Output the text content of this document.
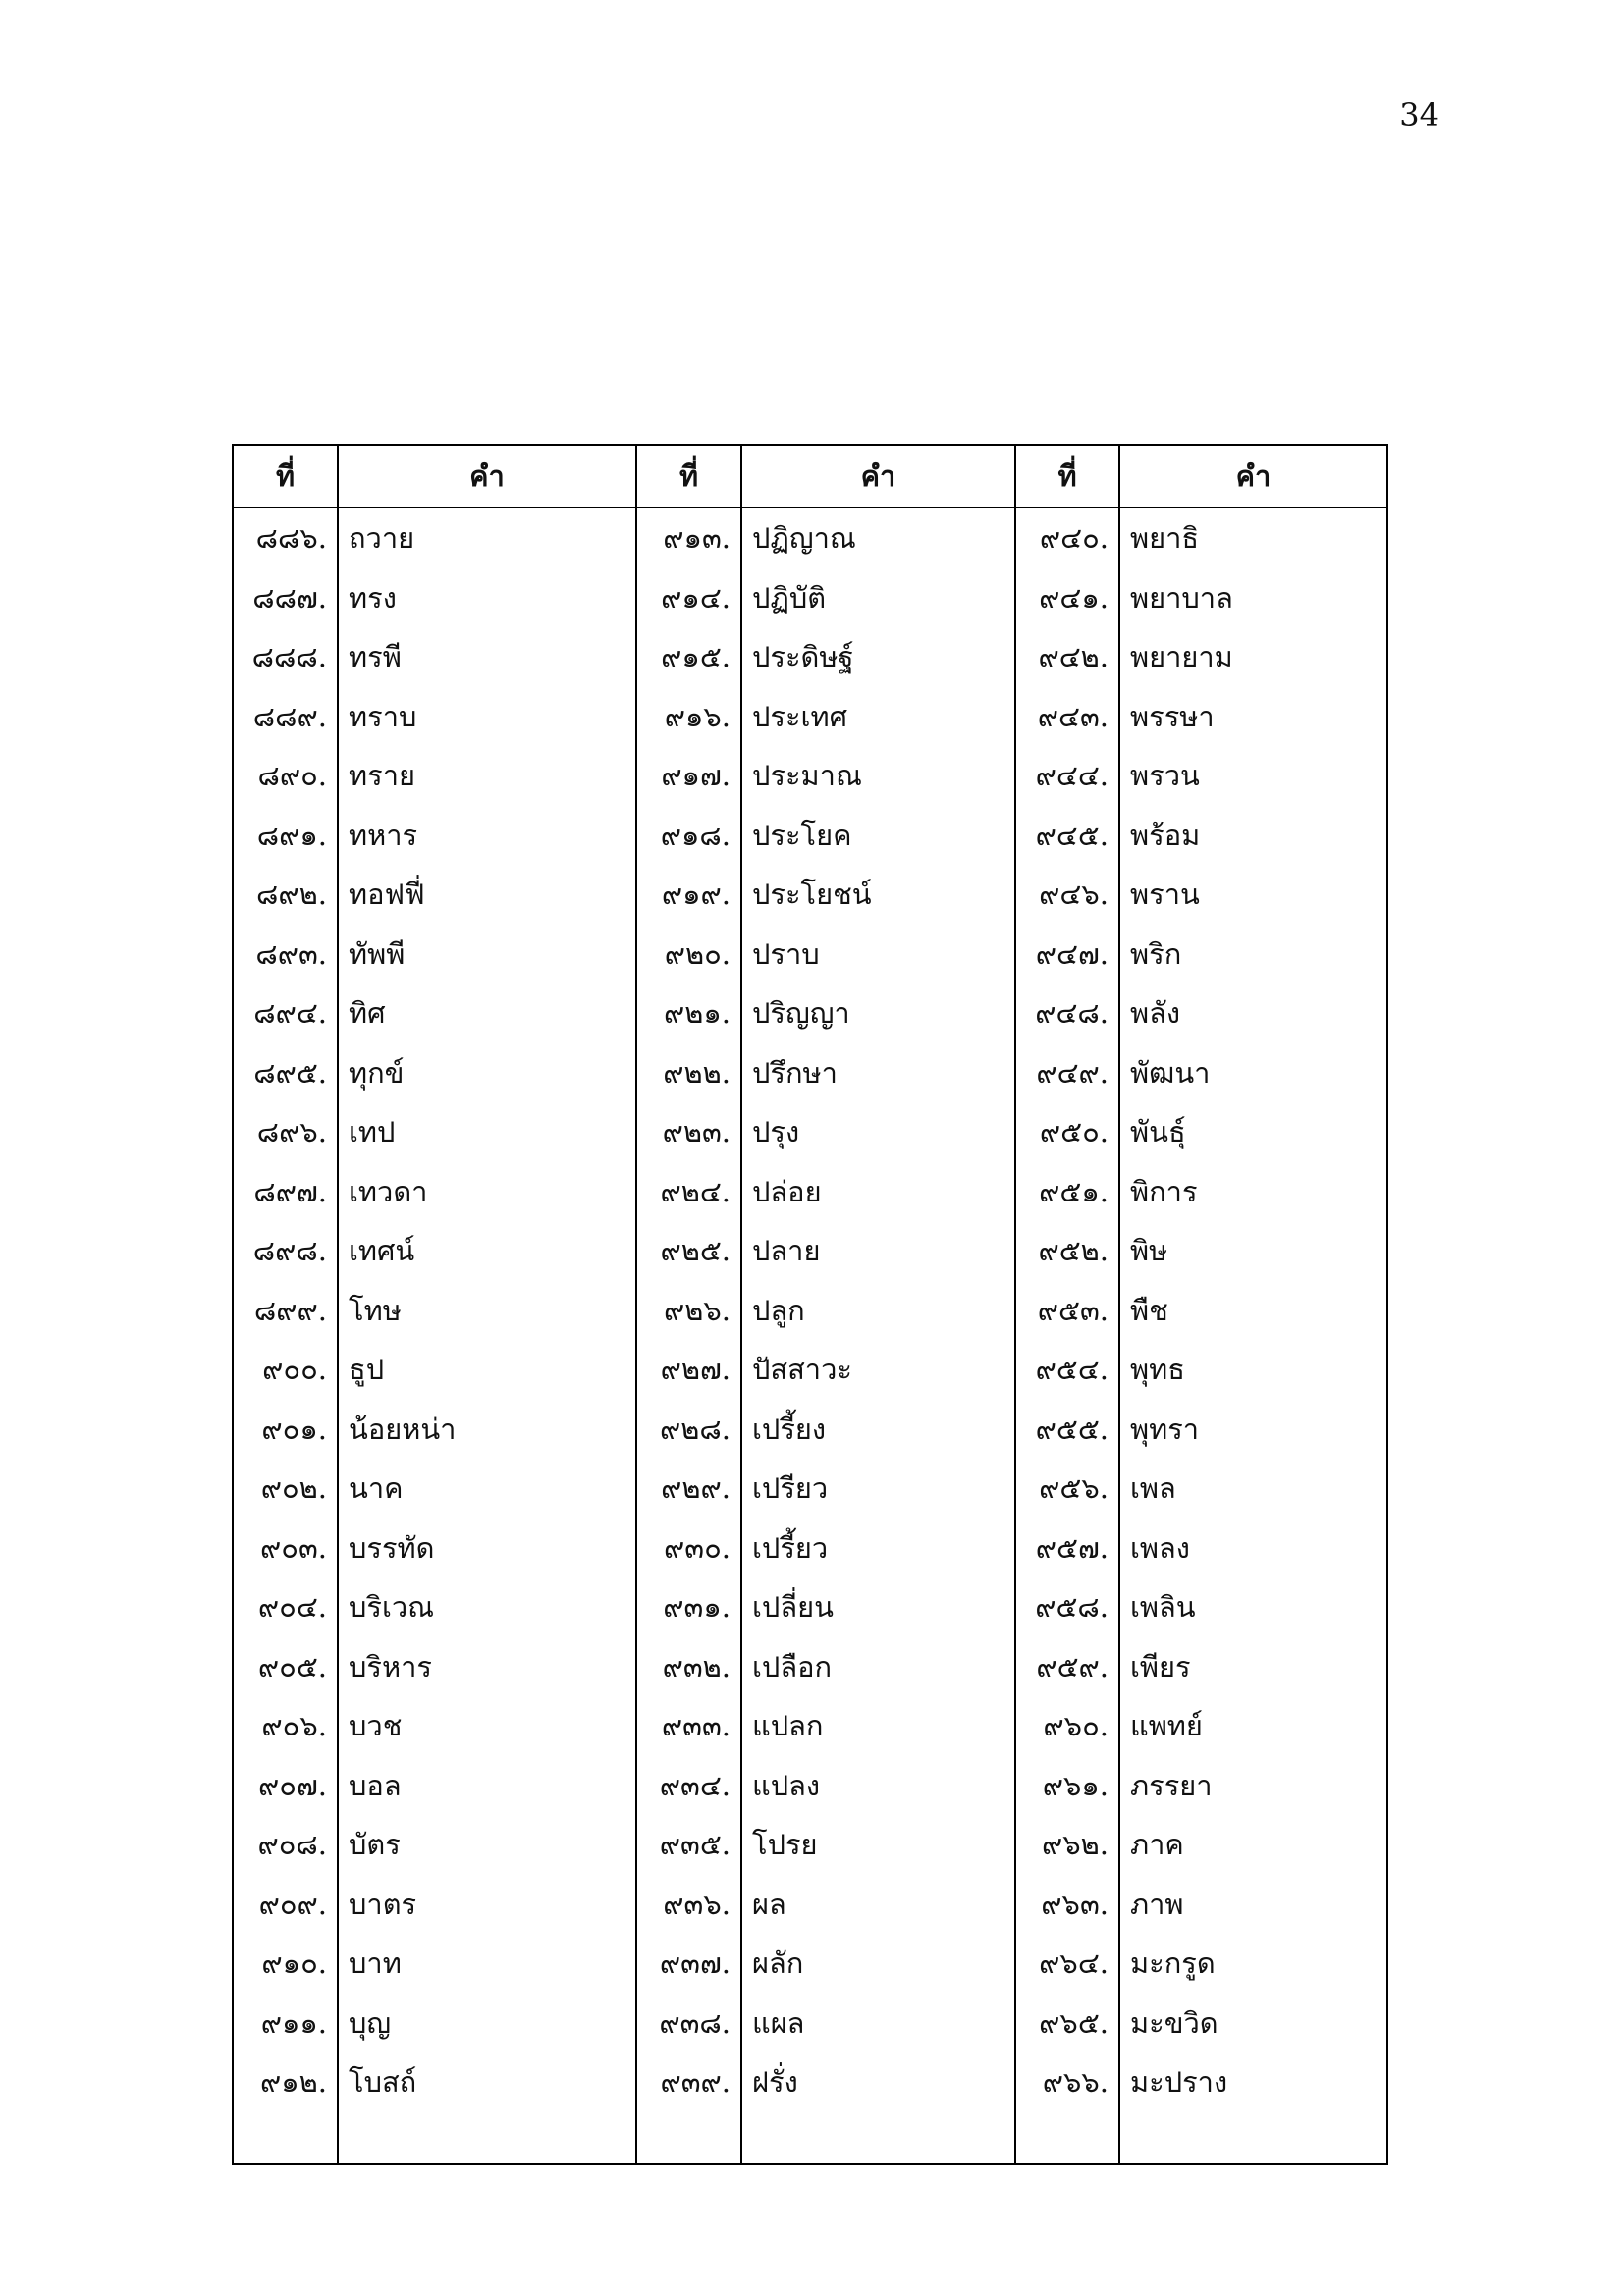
34
ที่	คำ	ที่	คำ	ที่	คำ
๘๘๖.	ถวาย	๙๑๓.	ปฏิญาณ	๙๔๐.	พยาธิ
๘๘๗.	ทรง	๙๑๔.	ปฏิบัติ	๙๔๑.	พยาบาล
๘๘๘.	ทรพี	๙๑๕.	ประดิษฐ์	๙๔๒.	พยายาม
๘๘๙.	ทราบ	๙๑๖.	ประเทศ	๙๔๓.	พรรษา
๘๙๐.	ทราย	๙๑๗.	ประมาณ	๙๔๔.	พรวน
๘๙๑.	ทหาร	๙๑๘.	ประโยค	๙๔๕.	พร้อม
๘๙๒.	ทอฟฟี่	๙๑๙.	ประโยชน์	๙๔๖.	พราน
๘๙๓.	ทัพพี	๙๒๐.	ปราบ	๙๔๗.	พริก
๘๙๔.	ทิศ	๙๒๑.	ปริญญา	๙๔๘.	พลัง
๘๙๕.	ทุกข์	๙๒๒.	ปรึกษา	๙๔๙.	พัฒนา
๘๙๖.	เทป	๙๒๓.	ปรุง	๙๕๐.	พันธุ์
๘๙๗.	เทวดา	๙๒๔.	ปล่อย	๙๕๑.	พิการ
๘๙๘.	เทศน์	๙๒๕.	ปลาย	๙๕๒.	พิษ
๘๙๙.	โทษ	๙๒๖.	ปลูก	๙๕๓.	พืช
๙๐๐.	ธูป	๙๒๗.	ปัสสาวะ	๙๕๔.	พุทธ
๙๐๑.	น้อยหน่า	๙๒๘.	เปรี้ยง	๙๕๕.	พุทรา
๙๐๒.	นาค	๙๒๙.	เปรียว	๙๕๖.	เพล
๙๐๓.	บรรทัด	๙๓๐.	เปรี้ยว	๙๕๗.	เพลง
๙๐๔.	บริเวณ	๙๓๑.	เปลี่ยน	๙๕๘.	เพลิน
๙๐๕.	บริหาร	๙๓๒.	เปลือก	๙๕๙.	เพียร
๙๐๖.	บวช	๙๓๓.	แปลก	๙๖๐.	แพทย์
๙๐๗.	บอล	๙๓๔.	แปลง	๙๖๑.	ภรรยา
๙๐๘.	บัตร	๙๓๕.	โปรย	๙๖๒.	ภาค
๙๐๙.	บาตร	๙๓๖.	ผล	๙๖๓.	ภาพ
๙๑๐.	บาท	๙๓๗.	ผลัก	๙๖๔.	มะกรูด
๙๑๑.	บุญ	๙๓๘.	แผล	๙๖๕.	มะขวิด
๙๑๒.	โบสถ์	๙๓๙.	ฝรั่ง	๙๖๖.	มะปราง
